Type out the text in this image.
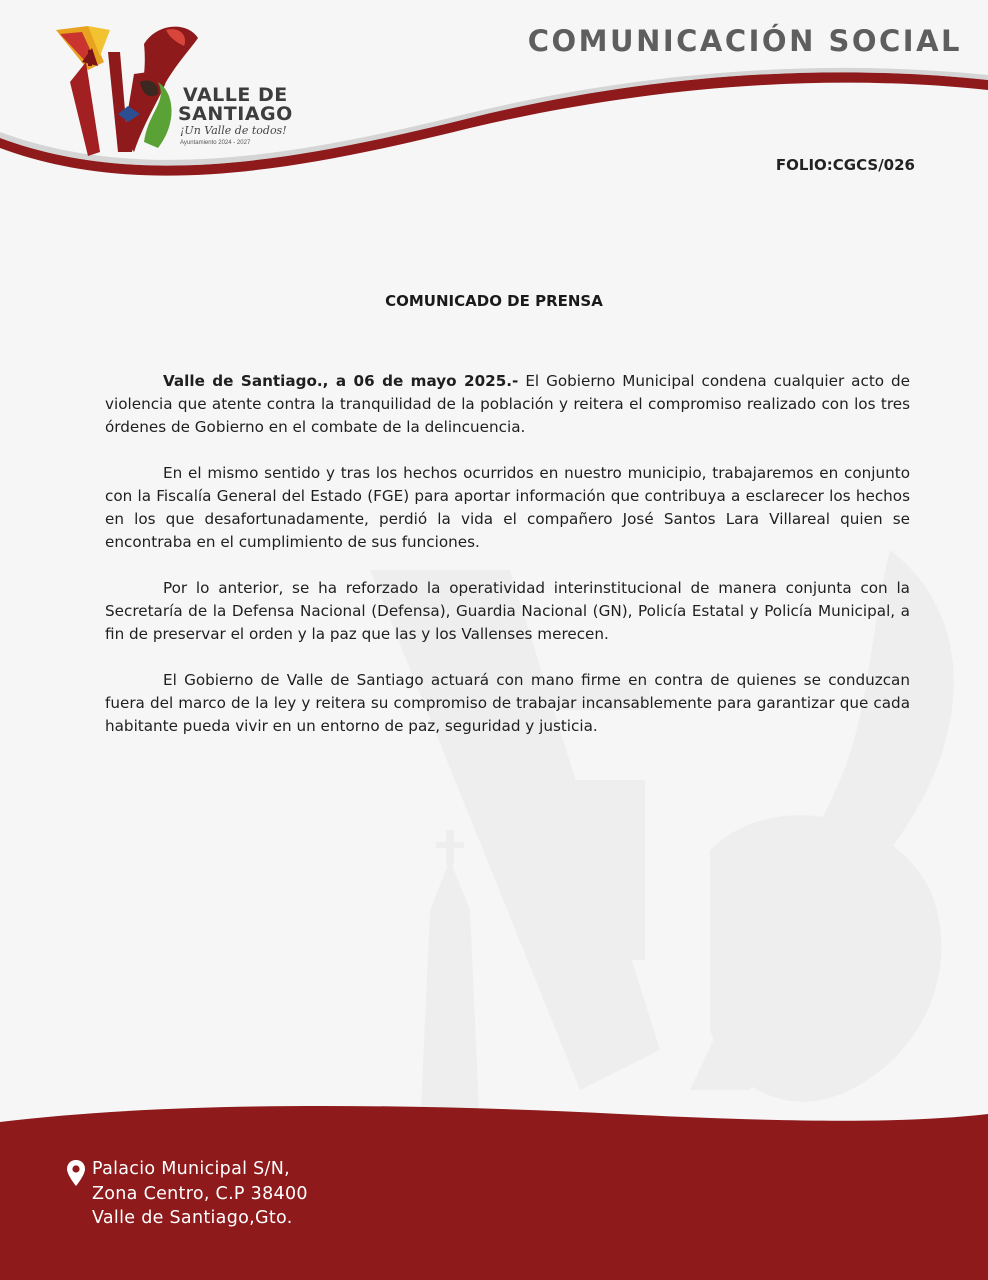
VALLE DE
SANTIAGO
¡Un Valle de todos!
Ayuntamiento 2024 - 2027
COMUNICACIÓN SOCIAL
FOLIO:CGCS/026
COMUNICADO DE PRENSA

Valle de Santiago., a 06 de mayo 2025.- El Gobierno Municipal condena cualquier acto de violencia que atente contra la tranquilidad de la población y reitera el compromiso realizado con los tres órdenes de Gobierno en el combate de la delincuencia.

En el mismo sentido y tras los hechos ocurridos en nuestro municipio, trabajaremos en conjunto con la Fiscalía General del Estado (FGE) para aportar información que contribuya a esclarecer los hechos en los que desafortunadamente, perdió la vida el compañero José Santos Lara Villareal quien se encontraba en el cumplimiento de sus funciones.

Por lo anterior, se ha reforzado la operatividad interinstitucional de manera conjunta con la Secretaría de la Defensa Nacional (Defensa), Guardia Nacional (GN), Policía Estatal y Policía Municipal, a fin de preservar el orden y la paz que las y los Vallenses merecen.

El Gobierno de Valle de Santiago actuará con mano firme en contra de quienes se conduzcan fuera del marco de la ley y reitera su compromiso de trabajar incansablemente para garantizar que cada habitante pueda vivir en un entorno de paz, seguridad y justicia.

Palacio Municipal S/N,
Zona Centro, C.P 38400
Valle de Santiago,Gto.
